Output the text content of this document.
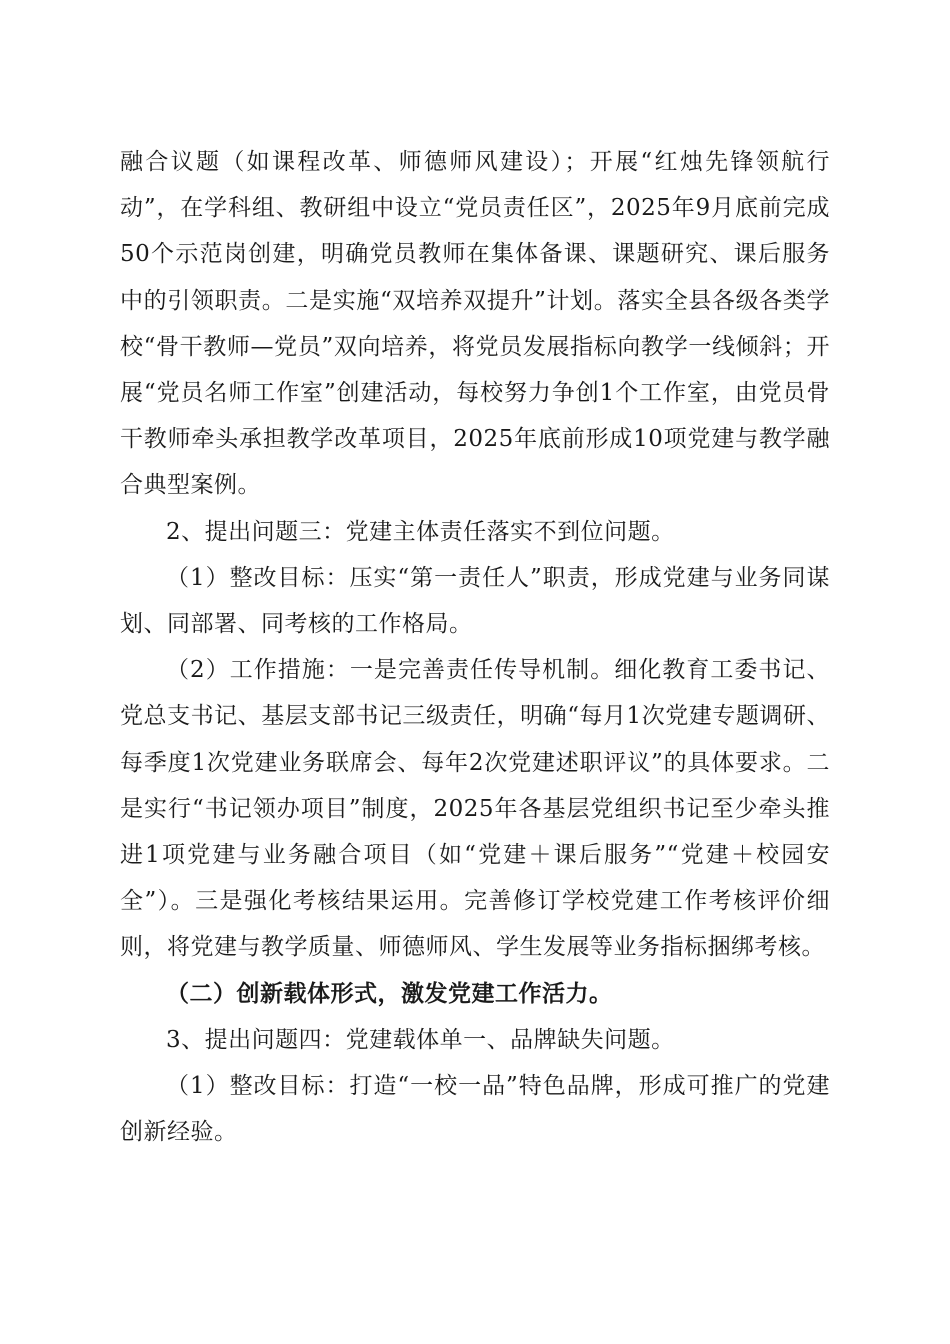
融合议题（如课程改革、师德师风建设）；开展“红烛先锋领航行动”，在学科组、教研组中设立“党员责任区”，2025年9月底前完成50个示范岗创建，明确党员教师在集体备课、课题研究、课后服务中的引领职责。二是实施“双培养双提升”计划。落实全县各级各类学校“骨干教师—党员”双向培养，将党员发展指标向教学一线倾斜；开展“党员名师工作室”创建活动，每校努力争创1个工作室，由党员骨干教师牵头承担教学改革项目，2025年底前形成10项党建与教学融合典型案例。

2、提出问题三：党建主体责任落实不到位问题。

（1）整改目标：压实“第一责任人”职责，形成党建与业务同谋划、同部署、同考核的工作格局。

（2）工作措施：一是完善责任传导机制。细化教育工委书记、党总支书记、基层支部书记三级责任，明确“每月1次党建专题调研、每季度1次党建业务联席会、每年2次党建述职评议”的具体要求。二是实行“书记领办项目”制度，2025年各基层党组织书记至少牵头推进1项党建与业务融合项目（如“党建＋课后服务”“党建＋校园安全”）。三是强化考核结果运用。完善修订学校党建工作考核评价细则，将党建与教学质量、师德师风、学生发展等业务指标捆绑考核。

（二）创新载体形式，激发党建工作活力。

3、提出问题四：党建载体单一、品牌缺失问题。

（1）整改目标：打造“一校一品”特色品牌，形成可推广的党建创新经验。
